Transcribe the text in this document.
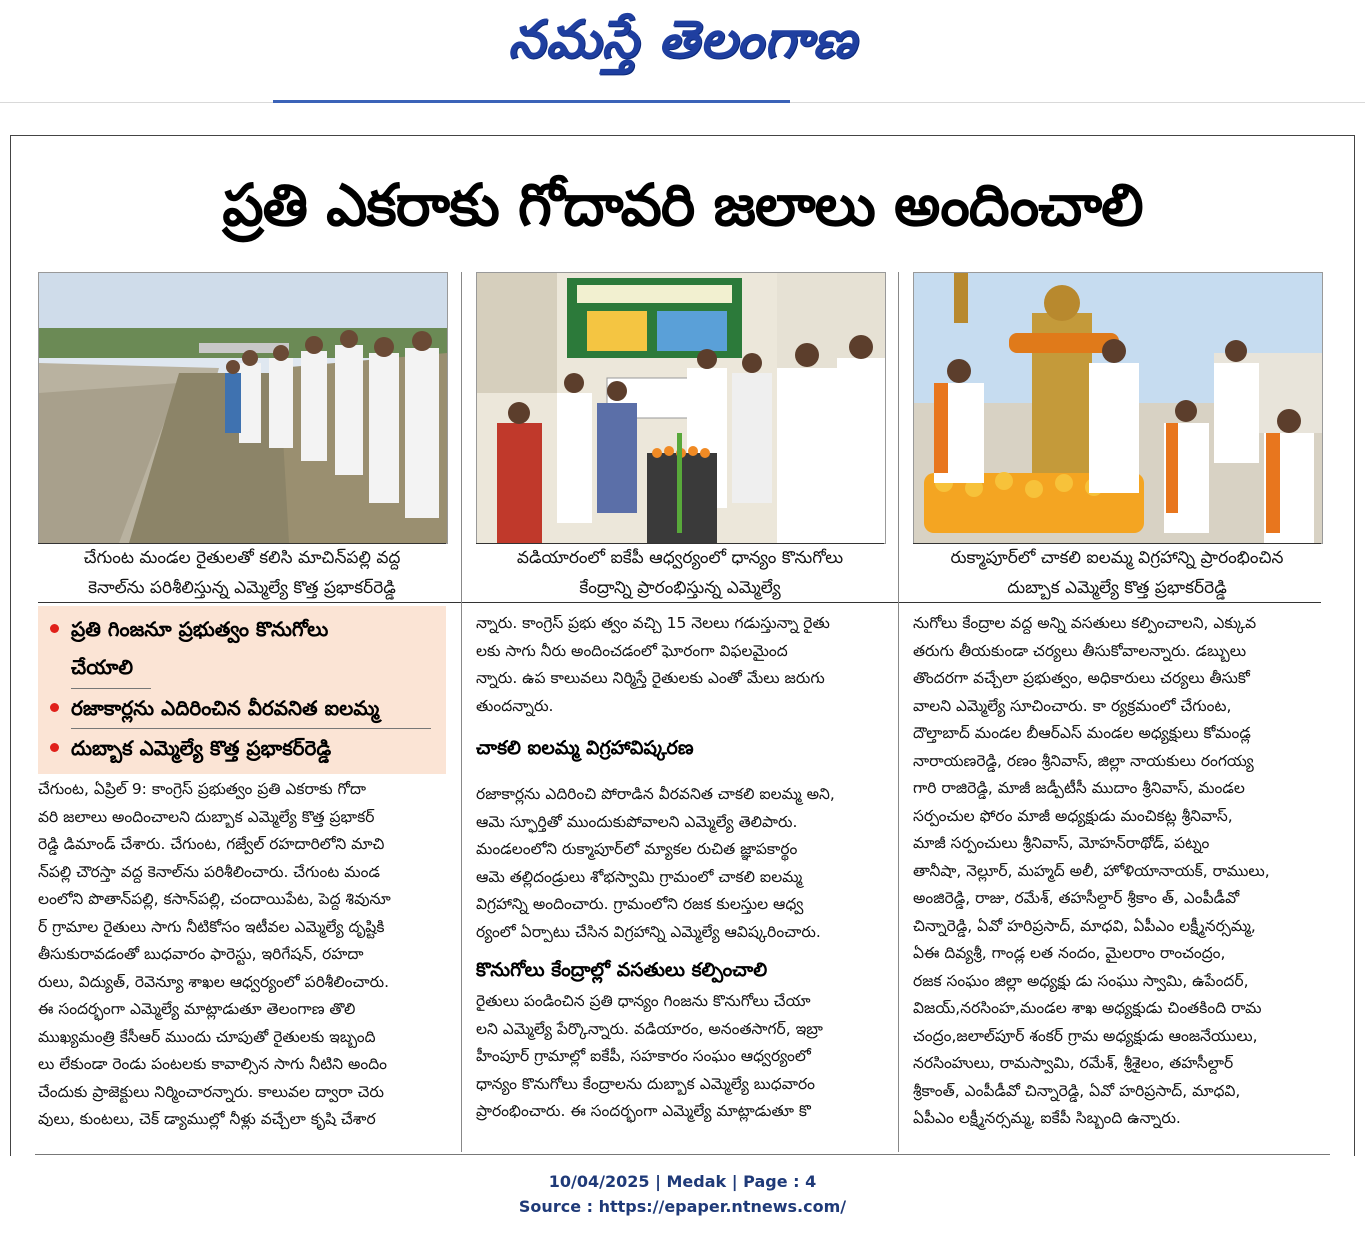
నమస్తే తెలంగాణ
ప్రతి ఎకరాకు గోదావరి జలాలు అందించాలి
చేగుంట మండల రైతులతో కలిసి మాచిన్‌పల్లి వద్ద
కెనాల్‌ను పరిశీలిస్తున్న ఎమ్మెల్యే కొత్త ప్రభాకర్‌రెడ్డి
వడియారంలో ఐకేపీ ఆధ్వర్యంలో ధాన్యం కొనుగోలు
కేంద్రాన్ని ప్రారంభిస్తున్న ఎమ్మెల్యే
రుక్మాపూర్‌లో చాకలి ఐలమ్మ విగ్రహాన్ని ప్రారంభించిన
దుబ్బాక ఎమ్మెల్యే కొత్త ప్రభాకర్‌రెడ్డి
ప్రతి గింజనూ ప్రభుత్వం కొనుగోలు
చేయాలి
రజాకార్లను ఎదిరించిన వీరవనిత ఐలమ్మ
దుబ్బాక ఎమ్మెల్యే కొత్త ప్రభాకర్‌రెడ్డి

చేగుంట, ఏప్రిల్‌ 9: కాంగ్రెస్‌ ప్రభుత్వం ప్రతి ఎకరాకు గోదా

వరి జలాలు అందించాలని దుబ్బాక ఎమ్మెల్యే కొత్త ప్రభాకర్‌

రెడ్డి డిమాండ్‌ చేశారు. చేగుంట, గజ్వేల్‌ రహదారిలోని మాచి

న్‌పల్లి చౌరస్తా వద్ద కెనాల్‌ను పరిశీలించారు. చేగుంట మండ

లంలోని పొతాన్‌పల్లి, కసాన్‌పల్లి, చందాయిపేట, పెద్ద శివునూ

ర్‌ గ్రామాల రైతులు సాగు నీటికోసం ఇటీవల ఎమ్మెల్యే దృష్టికి

తీసుకురావడంతో బుధవారం ఫారెస్టు, ఇరిగేషన్‌, రహదా

రులు, విద్యుత్‌, రెవెన్యూ శాఖల ఆధ్వర్యంలో పరిశీలించారు.

ఈ సందర్భంగా ఎమ్మెల్యే మాట్లాడుతూ తెలంగాణ తొలి

ముఖ్యమంత్రి కేసీఆర్‌ ముందు చూపుతో రైతులకు ఇబ్బంది

లు లేకుండా రెండు పంటలకు కావాల్సిన సాగు నీటిని అందిం

చేందుకు ప్రాజెక్టులు నిర్మించారన్నారు. కాలువల ద్వారా చెరు

వులు, కుంటలు, చెక్‌ డ్యాముల్లో నీళ్లు వచ్చేలా కృషి చేశార

న్నారు. కాంగ్రెస్‌ ప్రభు త్వం వచ్చి 15 నెలలు గడుస్తున్నా రైతు

లకు సాగు నీరు అందించడంలో ఘోరంగా విఫలమైంద

న్నారు. ఉప కాలువలు నిర్మిస్తే రైతులకు ఎంతో మేలు జరుగు

తుందన్నారు.

చాకలి ఐలమ్మ విగ్రహావిష్కరణ

రజాకార్లను ఎదిరించి పోరాడిన వీరవనిత చాకలి ఐలమ్మ అని,

ఆమె స్ఫూర్తితో ముందుకుపోవాలని ఎమ్మెల్యే తెలిపారు.

మండలంలోని రుక్మాపూర్‌లో మ్యాకల రుచిత జ్ఞాపకార్థం

ఆమె తల్లిదండ్రులు శోభస్వామి గ్రామంలో చాకలి ఐలమ్మ

విగ్రహాన్ని అందించారు. గ్రామంలోని రజక కులస్తుల ఆధ్వ

ర్యంలో ఏర్పాటు చేసిన విగ్రహాన్ని ఎమ్మెల్యే ఆవిష్కరించారు.

కొనుగోలు కేంద్రాల్లో వసతులు కల్పించాలి

రైతులు పండించిన ప్రతి ధాన్యం గింజను కొనుగోలు చేయా

లని ఎమ్మెల్యే పేర్కొన్నారు. వడియారం, అనంతసాగర్‌, ఇబ్రా

హీంపూర్‌ గ్రామాల్లో ఐకేపీ, సహకారం సంఘం ఆధ్వర్యంలో

ధాన్యం కొనుగోలు కేంద్రాలను దుబ్బాక ఎమ్మెల్యే బుధవారం

ప్రారంభించారు. ఈ సందర్భంగా ఎమ్మెల్యే మాట్లాడుతూ కొ

నుగోలు కేంద్రాల వద్ద అన్ని వసతులు కల్పించాలని, ఎక్కువ

తరుగు తీయకుండా చర్యలు తీసుకోవాలన్నారు. డబ్బులు

తొందరగా వచ్చేలా ప్రభుత్వం, అధికారులు చర్యలు తీసుకో

వాలని ఎమ్మెల్యే సూచించారు. కా ర్యక్రమంలో చేగుంట,

దౌల్తాబాద్‌ మండల బీఆర్‌ఎస్‌ మండల అధ్యక్షులు కోమండ్ల

నారాయణరెడ్డి, రణం శ్రీనివాస్‌, జిల్లా నాయకులు రంగయ్య

గారి రాజిరెడ్డి, మాజీ జడ్పీటీసీ ముదాం శ్రీనివాస్‌, మండల

సర్పంచుల ఫోరం మాజీ అధ్యక్షుడు మంచికట్ల శ్రీనివాస్‌,

మాజీ సర్పంచులు శ్రీనివాస్‌, మోహన్‌రాథోడ్‌, పట్నం

తానీషా, నెల్లూర్‌, మహ్మద్‌ అలీ, హోళియానాయక్‌, రాములు,

అంజిరెడ్డి, రాజు, రమేశ్‌, తహసీల్దార్‌ శ్రీకాం త్‌, ఎంపీడీవో

చిన్నారెడ్డి, ఏవో హరిప్రసాద్‌, మాధవి, ఏపీఎం లక్ష్మీనర్సమ్మ,

ఏఈ దివ్యశ్రీ, గాండ్ల లత నందం, మైలరాం రాంచంద్రం,

రజక సంఘం జిల్లా అధ్యక్షు డు సంఘు స్వామి, ఉపేందర్‌,

విజయ్‌,నరసింహ,మండల శాఖ అధ్యక్షుడు చింతకింది రామ

చంద్రం,జలాల్‌పూర్‌ శంకర్‌ గ్రామ అధ్యక్షుడు ఆంజనేయులు,

నరసింహులు, రామస్వామి, రమేశ్‌, శ్రీశైలం, తహసీల్దార్‌

శ్రీకాంత్‌, ఎంపీడీవో చిన్నారెడ్డి, ఏవో హరిప్రసాద్‌, మాధవి,

ఏపీఎం లక్ష్మీనర్సమ్మ, ఐకేపీ సిబ్బంది ఉన్నారు.

10/04/2025 | Medak | Page : 4
Source : https://epaper.ntnews.com/
